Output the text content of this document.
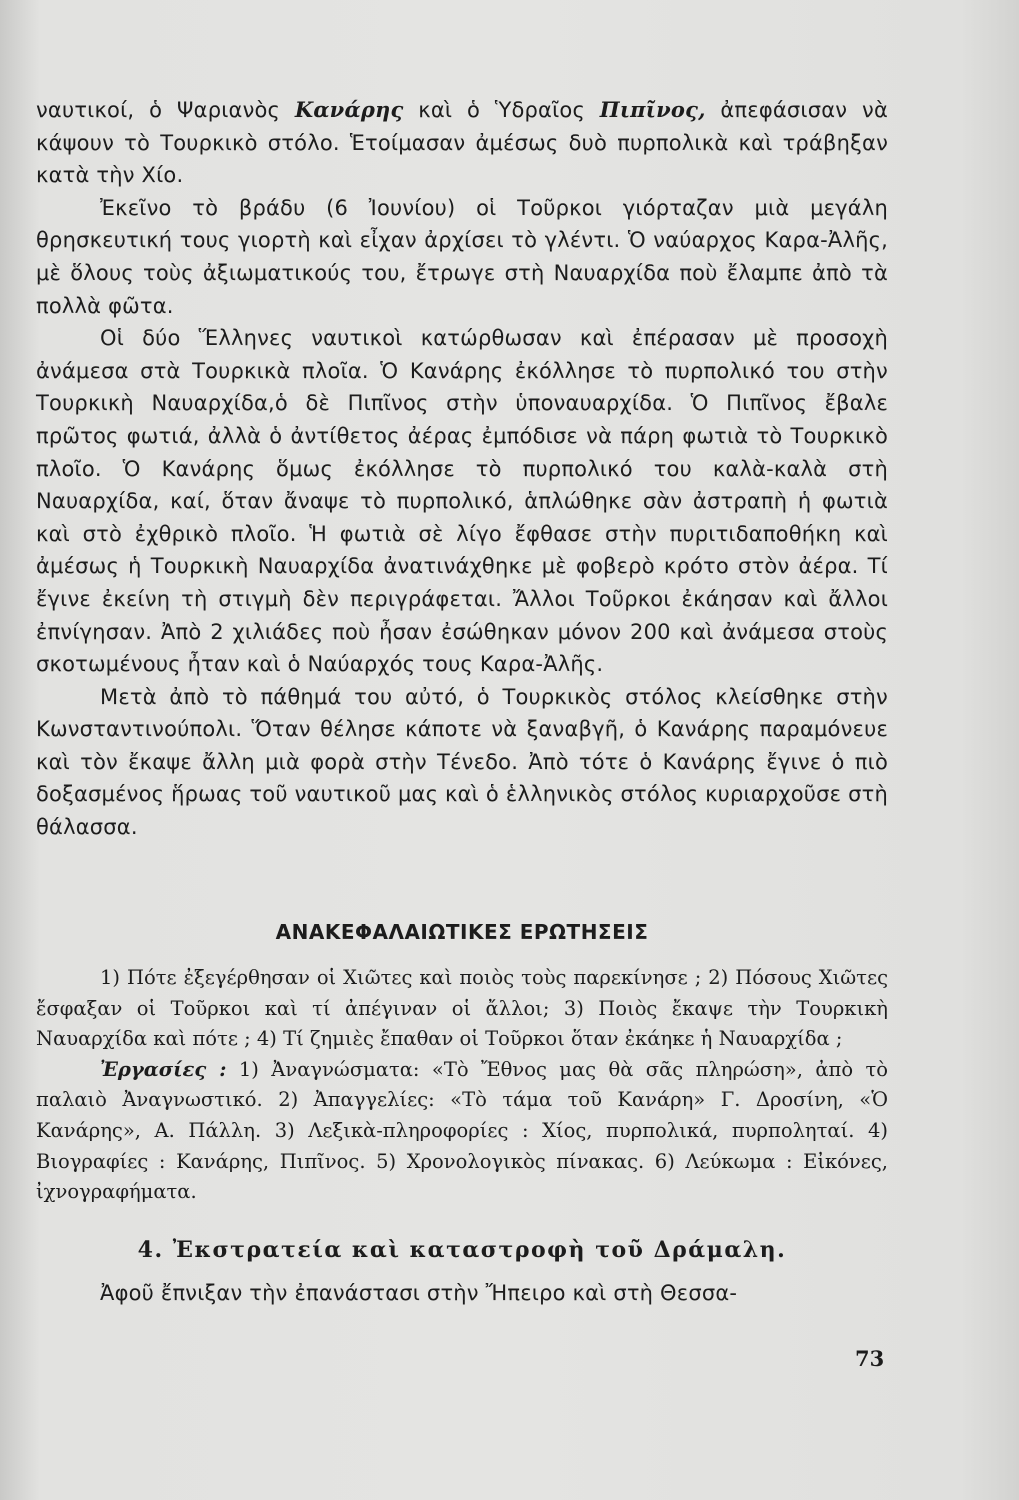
ναυτικοί, ὁ Ψαριανὸς Κανάρης καὶ ὁ Ὑδραῖος Πιπῖνος, ἀπεφάσισαν νὰ κάψουν τὸ Τουρκικὸ στόλο. Ἑτοίμασαν ἀμέσως δυὸ πυρπολικὰ καὶ τράβηξαν κατὰ τὴν Χίο.

Ἐκεῖνο τὸ βράδυ (6 Ἰουνίου) οἱ Τοῦρκοι γιόρταζαν μιὰ μεγάλη θρησκευτική τους γιορτὴ καὶ εἶχαν ἀρχίσει τὸ γλέντι. Ὁ ναύαρχος Καρα-Ἀλῆς, μὲ ὅλους τοὺς ἀξιωματικούς του, ἔτρωγε στὴ Ναυαρχίδα ποὺ ἔλαμπε ἀπὸ τὰ πολλὰ φῶτα.

Οἱ δύο Ἕλληνες ναυτικοὶ κατώρθωσαν καὶ ἐπέρασαν μὲ προσοχὴ ἀνάμεσα στὰ Τουρκικὰ πλοῖα. Ὁ Κανάρης ἐκόλλησε τὸ πυρπολικό του στὴν Τουρκικὴ Ναυαρχίδα,ὁ δὲ Πιπῖνος στὴν ὑποναυαρχίδα. Ὁ Πιπῖνος ἔβαλε πρῶτος φωτιά, ἀλλὰ ὁ ἀντίθετος ἀέρας ἐμπόδισε νὰ πάρη φωτιὰ τὸ Τουρκικὸ πλοῖο. Ὁ Κανάρης ὅμως ἐκόλλησε τὸ πυρπολικό του καλὰ-καλὰ στὴ Ναυαρχίδα, καί, ὅταν ἄναψε τὸ πυρπολικό, ἁπλώθηκε σὰν ἀστραπὴ ἡ φωτιὰ καὶ στὸ ἐχθρικὸ πλοῖο. Ἡ φωτιὰ σὲ λίγο ἔφθασε στὴν πυριτιδαποθήκη καὶ ἀμέσως ἡ Τουρκικὴ Ναυαρχίδα ἀνατινάχθηκε μὲ φοβερὸ κρότο στὸν ἀέρα. Τί ἔγινε ἐκείνη τὴ στιγμὴ δὲν περιγράφεται. Ἄλλοι Τοῦρκοι ἐκάησαν καὶ ἄλλοι ἐπνίγησαν. Ἀπὸ 2 χιλιάδες ποὺ ἦσαν ἐσώθηκαν μόνον 200 καὶ ἀνάμεσα στοὺς σκοτωμένους ἦταν καὶ ὁ Ναύαρχός τους Καρα-Ἀλῆς.

Μετὰ ἀπὸ τὸ πάθημά του αὐτό, ὁ Τουρκικὸς στόλος κλείσθηκε στὴν Κωνσταντινούπολι. Ὅταν θέλησε κάποτε νὰ ξαναβγῆ, ὁ Κανάρης παραμόνευε καὶ τὸν ἔκαψε ἄλλη μιὰ φορὰ στὴν Τένεδο. Ἀπὸ τότε ὁ Κανάρης ἔγινε ὁ πιὸ δοξασμένος ἥρωας τοῦ ναυτικοῦ μας καὶ ὁ ἑλληνικὸς στόλος κυριαρχοῦσε στὴ θάλασσα.

ΑΝΑΚΕΦΑΛΑΙΩΤΙΚΕΣ ΕΡΩΤΗΣΕΙΣ

1) Πότε ἐξεγέρθησαν οἱ Χιῶτες καὶ ποιὸς τοὺς παρεκίνησε ; 2) Πόσους Χιῶτες ἔσφαξαν οἱ Τοῦρκοι καὶ τί ἀπέγιναν οἱ ἄλλοι; 3) Ποιὸς ἔκαψε τὴν Τουρκικὴ Ναυαρχίδα καὶ πότε ; 4) Τί ζημιὲς ἔπαθαν οἱ Τοῦρκοι ὅταν ἐκάηκε ἡ Ναυαρχίδα ;

Ἐργασίες : 1) Ἀναγνώσματα: «Τὸ Ἔθνος μας θὰ σᾶς πληρώση», ἀπὸ τὸ παλαιὸ Ἀναγνωστικό. 2) Ἀπαγγελίες: «Τὸ τάμα τοῦ Κανάρη» Γ. Δροσίνη, «Ὁ Κανάρης», Α. Πάλλη. 3) Λεξικὰ-πληροφορίες : Χίος, πυρπολικά, πυρποληταί. 4) Βιογραφίες : Κανάρης, Πιπῖνος. 5) Χρονολογικὸς πίνακας. 6) Λεύκωμα : Εἰκόνες, ἰχνογραφήματα.

4. Ἐκστρατεία καὶ καταστροφὴ τοῦ Δράμαλη.

Ἀφοῦ ἔπνιξαν τὴν ἐπανάστασι στὴν Ἤπειρο καὶ στὴ Θεσσα-

73
